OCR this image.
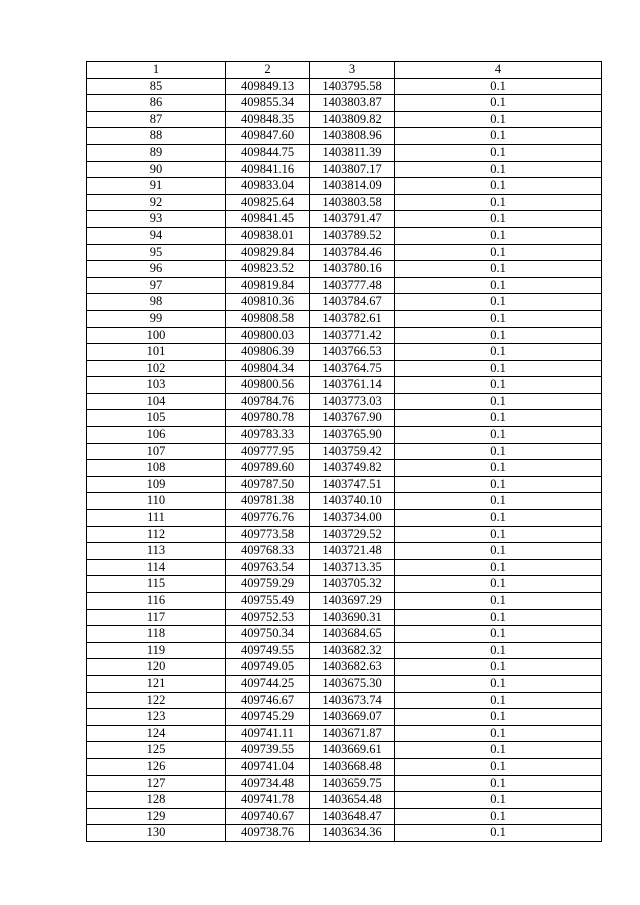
1	2	3	4
85	409849.13	1403795.58	0.1
86	409855.34	1403803.87	0.1
87	409848.35	1403809.82	0.1
88	409847.60	1403808.96	0.1
89	409844.75	1403811.39	0.1
90	409841.16	1403807.17	0.1
91	409833.04	1403814.09	0.1
92	409825.64	1403803.58	0.1
93	409841.45	1403791.47	0.1
94	409838.01	1403789.52	0.1
95	409829.84	1403784.46	0.1
96	409823.52	1403780.16	0.1
97	409819.84	1403777.48	0.1
98	409810.36	1403784.67	0.1
99	409808.58	1403782.61	0.1
100	409800.03	1403771.42	0.1
101	409806.39	1403766.53	0.1
102	409804.34	1403764.75	0.1
103	409800.56	1403761.14	0.1
104	409784.76	1403773.03	0.1
105	409780.78	1403767.90	0.1
106	409783.33	1403765.90	0.1
107	409777.95	1403759.42	0.1
108	409789.60	1403749.82	0.1
109	409787.50	1403747.51	0.1
110	409781.38	1403740.10	0.1
111	409776.76	1403734.00	0.1
112	409773.58	1403729.52	0.1
113	409768.33	1403721.48	0.1
114	409763.54	1403713.35	0.1
115	409759.29	1403705.32	0.1
116	409755.49	1403697.29	0.1
117	409752.53	1403690.31	0.1
118	409750.34	1403684.65	0.1
119	409749.55	1403682.32	0.1
120	409749.05	1403682.63	0.1
121	409744.25	1403675.30	0.1
122	409746.67	1403673.74	0.1
123	409745.29	1403669.07	0.1
124	409741.11	1403671.87	0.1
125	409739.55	1403669.61	0.1
126	409741.04	1403668.48	0.1
127	409734.48	1403659.75	0.1
128	409741.78	1403654.48	0.1
129	409740.67	1403648.47	0.1
130	409738.76	1403634.36	0.1
